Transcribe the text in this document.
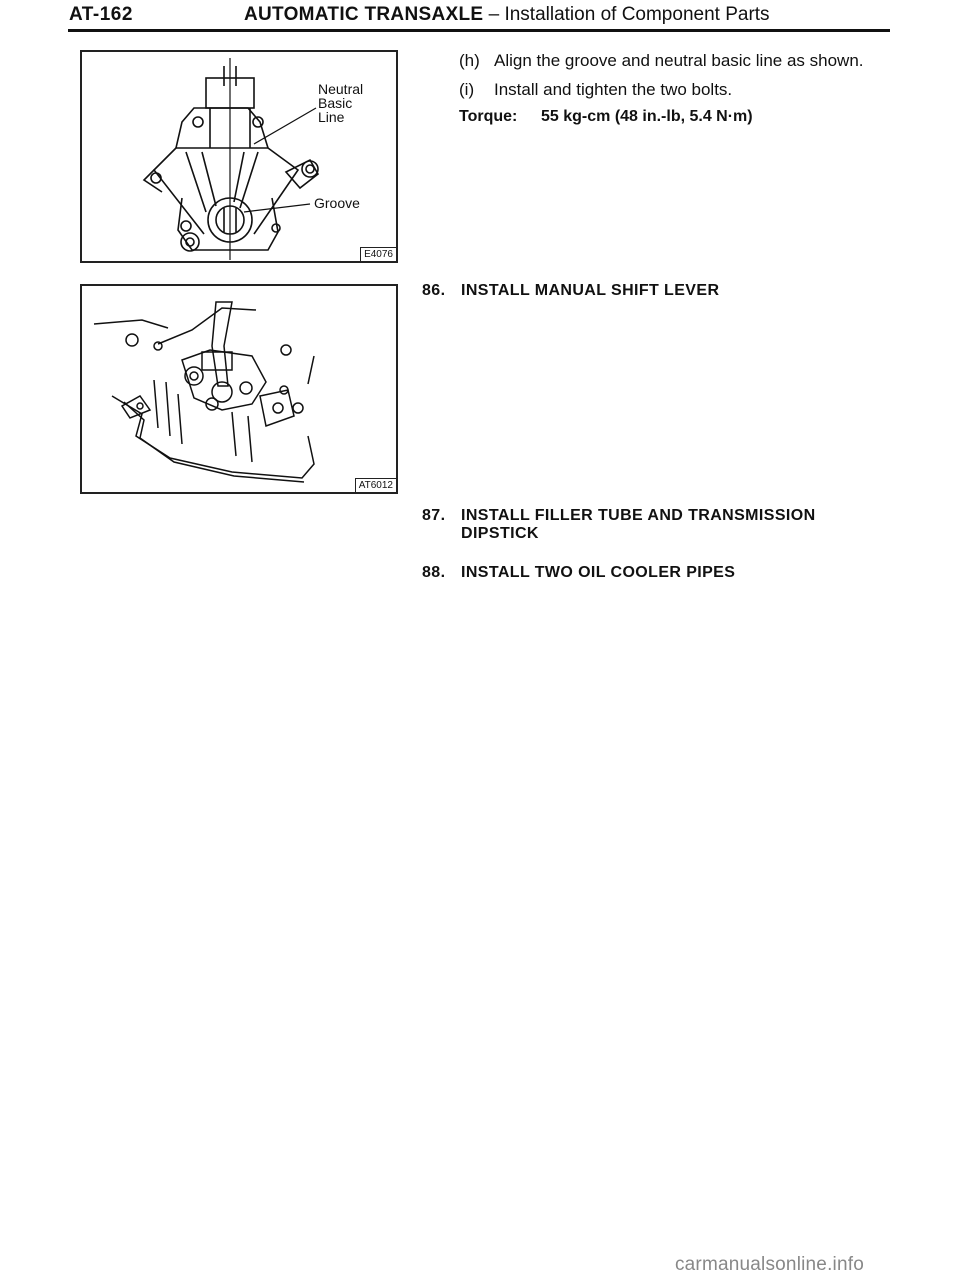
AT-162	AUTOMATIC TRANSAXLE – Installation of Component Parts
Neutral
Basic
Line
Groove
E4076
AT6012
(h) Align the groove and neutral basic line as shown.
(i) Install and tighten the two bolts.
Torque: 55 kg-cm (48 in.-lb, 5.4 N·m)
86. INSTALL MANUAL SHIFT LEVER
87. INSTALL FILLER TUBE AND TRANSMISSION
DIPSTICK
88. INSTALL TWO OIL COOLER PIPES
carmanualsonline.info
